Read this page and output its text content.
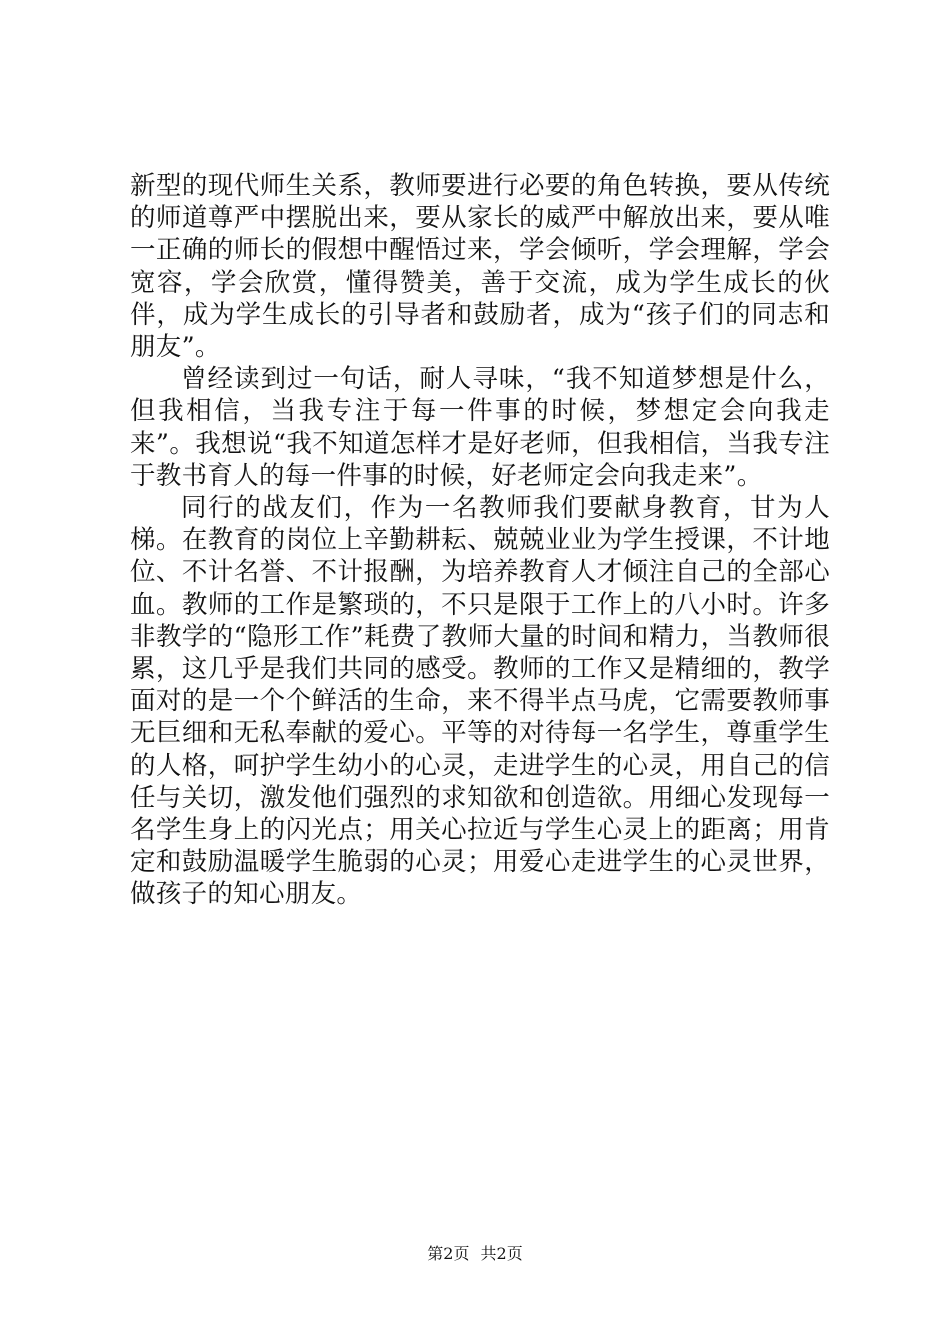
新型的现代师生关系，教师要进行必要的角色转换，要从传统的师道尊严中摆脱出来，要从家长的威严中解放出来，要从唯一正确的师长的假想中醒悟过来，学会倾听，学会理解，学会宽容，学会欣赏，懂得赞美，善于交流，成为学生成长的伙伴，成为学生成长的引导者和鼓励者，成为“孩子们的同志和朋友”。

曾经读到过一句话，耐人寻味，“我不知道梦想是什么，但我相信，当我专注于每一件事的时候，梦想定会向我走来”。我想说“我不知道怎样才是好老师，但我相信，当我专注于教书育人的每一件事的时候，好老师定会向我走来”。

同行的战友们，作为一名教师我们要献身教育，甘为人梯。在教育的岗位上辛勤耕耘、兢兢业业为学生授课，不计地位、不计名誉、不计报酬，为培养教育人才倾注自己的全部心血。教师的工作是繁琐的，不只是限于工作上的八小时。许多非教学的“隐形工作”耗费了教师大量的时间和精力，当教师很累，这几乎是我们共同的感受。教师的工作又是精细的，教学面对的是一个个鲜活的生命，来不得半点马虎，它需要教师事无巨细和无私奉献的爱心。平等的对待每一名学生，尊重学生的人格，呵护学生幼小的心灵，走进学生的心灵，用自己的信任与关切，激发他们强烈的求知欲和创造欲。用细心发现每一名学生身上的闪光点；用关心拉近与学生心灵上的距离；用肯定和鼓励温暖学生脆弱的心灵；用爱心走进学生的心灵世界，做孩子的知心朋友。

第2页 共2页
